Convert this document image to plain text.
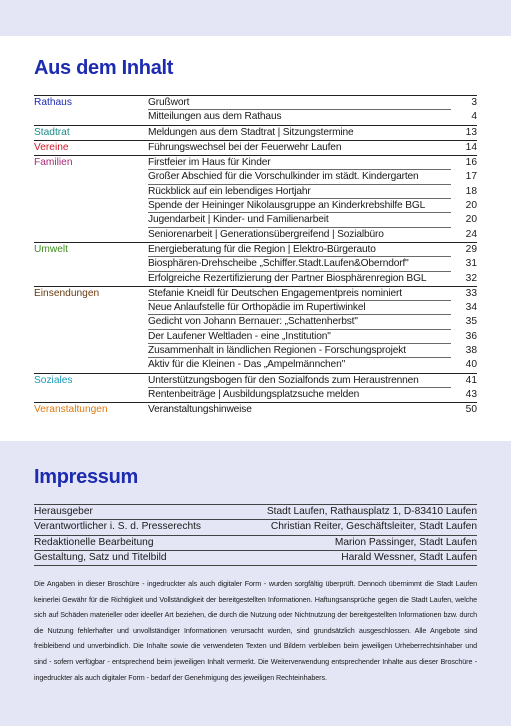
Aus dem Inhalt
Rathaus	Grußwort	3
Mitteilungen aus dem Rathaus	4
Stadtrat	Meldungen aus dem Stadtrat | Sitzungstermine	13
Vereine	Führungswechsel bei der Feuerwehr Laufen	14
Familien	Firstfeier im Haus für Kinder	16
Großer Abschied für die Vorschulkinder im städt. Kindergarten	17
Rückblick auf ein lebendiges Hortjahr	18
Spende der Heininger Nikolausgruppe an Kinderkrebshilfe BGL	20
Jugendarbeit | Kinder- und Familienarbeit	20
Seniorenarbeit | Generationsübergreifend | Sozialbüro	24
Umwelt	Energieberatung für die Region | Elektro-Bürgerauto	29
Biosphären-Drehscheibe „Schiffer.Stadt.Laufen&Oberndorf"	31
Erfolgreiche Rezertifizierung der Partner Biosphärenregion BGL	32
Einsendungen	Stefanie Kneidl für Deutschen Engagementpreis nominiert	33
Neue Anlaufstelle für Orthopädie im Rupertiwinkel	34
Gedicht von Johann Bernauer: „Schattenherbst"	35
Der Laufener Weltladen - eine „Institution"	36
Zusammenhalt in ländlichen Regionen - Forschungsprojekt	38
Aktiv für die Kleinen - Das „Ampelmännchen"	40
Soziales	Unterstützungsbogen für den Sozialfonds zum Heraustrennen	41
Rentenbeiträge | Ausbildungsplatzsuche melden	43
Veranstaltungen	Veranstaltungshinweise	50
Impressum
Herausgeber	Stadt Laufen, Rathausplatz 1, D-83410 Laufen
Verantwortlicher i. S. d. Presserechts	Christian Reiter, Geschäftsleiter, Stadt Laufen
Redaktionelle Bearbeitung	Marion Passinger, Stadt Laufen
Gestaltung, Satz und Titelbild	Harald Wessner, Stadt Laufen

Die Angaben in dieser Broschüre - ingedruckter als auch digitaler Form - wurden sorgfältig überprüft. Dennoch übernimmt die Stadt Laufen keinerlei Gewähr für die Richtigkeit und Vollständigkeit der bereitgestellten Informationen. Haftungsansprüche gegen die Stadt Laufen, welche sich auf Schäden materieller oder ideeller Art beziehen, die durch die Nutzung oder Nichtnutzung der bereitgestellten Informationen bzw. durch die Nutzung fehlerhafter und unvollständiger Informationen verursacht wurden, sind grundsätzlich ausgeschlossen. Alle Angebote sind freibleibend und unverbindlich. Die Inhalte sowie die verwendeten Texten und Bildern verbleiben beim jeweiligen Urheberrechtsinhaber und sind - sofern verfügbar - entsprechend beim jeweiligen Inhalt vermerkt. Die Weiterverwendung entsprechender Inhalte aus dieser Broschüre - ingedruckter als auch digitaler Form - bedarf der Genehmigung des jeweiligen Rechteinhabers.
